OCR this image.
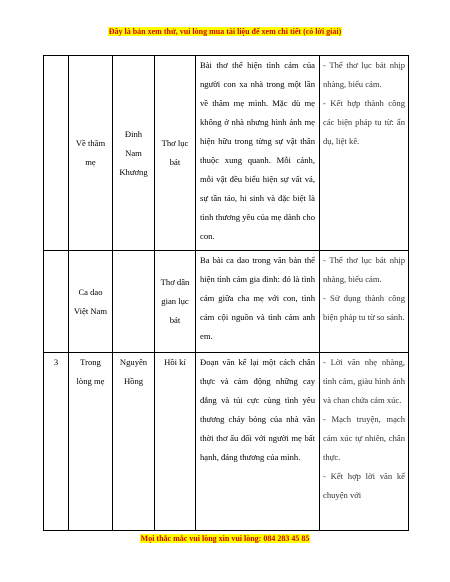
Đây là bản xem thử, vui lòng mua tài liệu để xem chi tiết (có lời giải)
	Về thăm mẹ	Đinh Nam Khương	Thơ lục bát	Bài thơ thể hiện tình cảm của người con xa nhà trong một lần về thăm mẹ mình. Mặc dù mẹ không ở nhà nhưng hình ảnh mẹ hiện hữu trong từng sự vật thân thuộc xung quanh. Mỗi cảnh, mỗi vật đều biểu hiện sự vất vả, sự tần tảo, hi sinh và đặc biệt là tình thương yêu của mẹ dành cho con.	- Thể thơ lục bát nhịp nhàng, biểu cảm.
- Kết hợp thành công các biện pháp tu từ: ẩn dụ, liệt kê.
	Ca dao Việt Nam		Thơ dân gian lục bát	Ba bài ca dao trong văn bản thể hiện tình cảm gia đình: đó là tình cảm giữa cha mẹ với con, tình cảm cội nguồn và tình cảm anh em.	- Thể thơ lục bát nhịp nhàng, biểu cảm.
- Sử dụng thành công biện pháp tu từ so sánh.
3	Trong lòng mẹ	Nguyên Hồng	Hồi kí	Đoạn văn kể lại một cách chân thực và cảm động những cay đắng và tủi cực cùng tình yêu thương cháy bỏng của nhà văn thời thơ ấu đối với người mẹ bất hạnh, đáng thương của mình.	- Lời văn nhẹ nhàng, tình cảm, giàu hình ảnh và chan chứa cảm xúc.
- Mạch truyện, mạch cảm xúc tự nhiên, chân thực.
- Kết hợp lời văn kể chuyện với
Mọi thắc mắc vui lòng xin vui lòng: 084 283 45 85
